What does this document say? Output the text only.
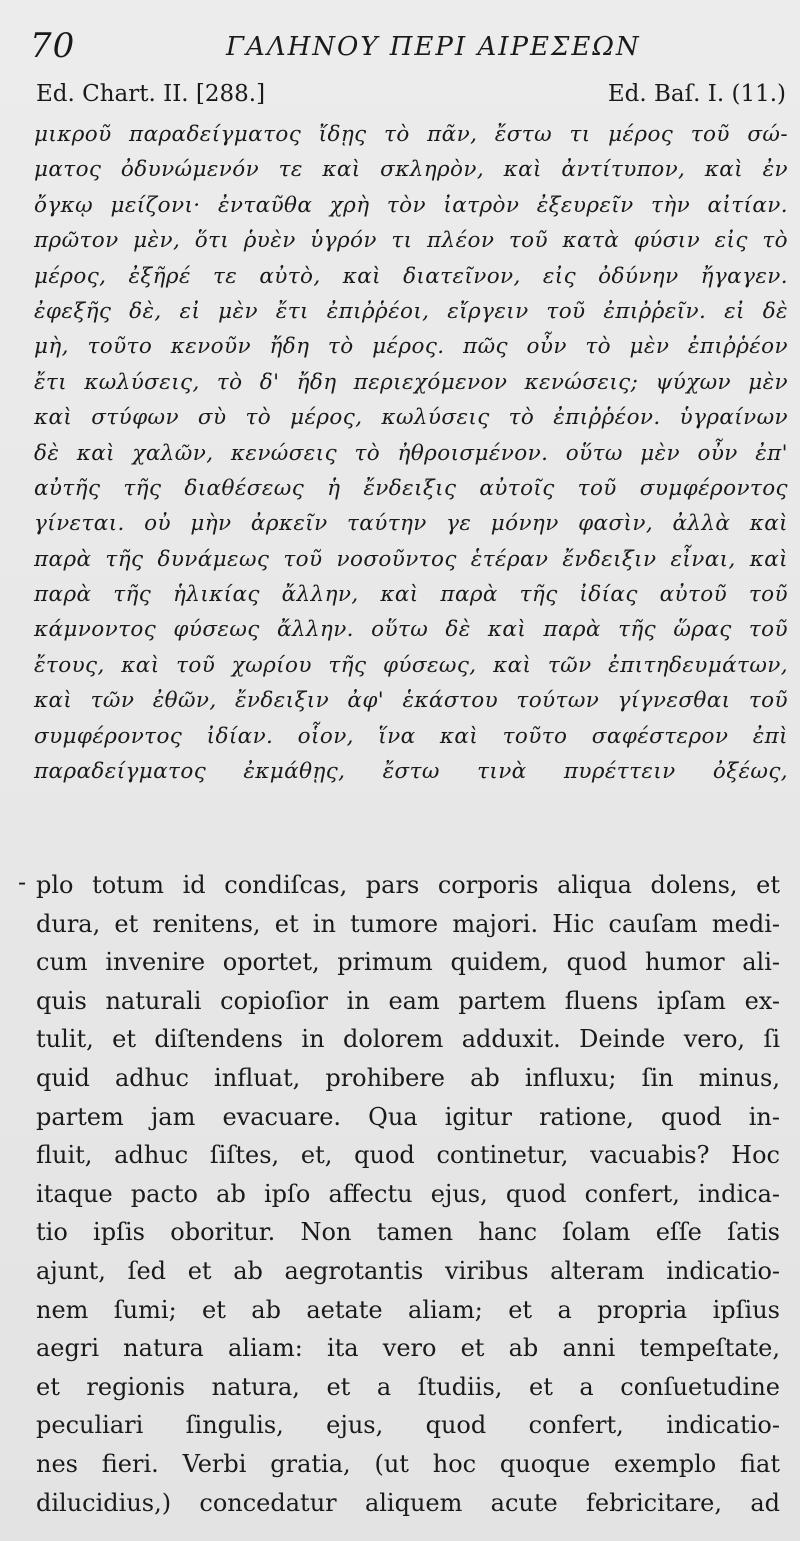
70	ΓΑΛΗΝΟΥ ΠΕΡΙ ΑΙΡΕΣΕΩΝ
Ed. Chart. II. [288.]	Ed. Baſ. I. (11.)
μικροῦ παραδείγματος ἴδῃς τὸ πᾶν, ἔστω τι μέρος τοῦ σώ-
ματος ὀδυνώμενόν τε καὶ σκληρὸν, καὶ ἀντίτυπον, καὶ ἐν
ὄγκῳ μείζονι· ἐνταῦθα χρὴ τὸν ἰατρὸν ἐξευρεῖν τὴν αἰτίαν.
πρῶτον μὲν, ὅτι ῥυὲν ὑγρόν τι πλέον τοῦ κατὰ φύσιν εἰς τὸ
μέρος, ἐξῆρέ τε αὐτὸ, καὶ διατεῖνον, εἰς ὀδύνην ἤγαγεν.
ἐφεξῆς δὲ, εἰ μὲν ἔτι ἐπιῤῥέοι, εἴργειν τοῦ ἐπιῤῥεῖν. εἰ δὲ
μὴ, τοῦτο κενοῦν ἤδη τὸ μέρος. πῶς οὖν τὸ μὲν ἐπιῤῥέον
ἔτι κωλύσεις, τὸ δ' ἤδη περιεχόμενον κενώσεις; ψύχων μὲν
καὶ στύφων σὺ τὸ μέρος, κωλύσεις τὸ ἐπιῤῥέον. ὑγραίνων
δὲ καὶ χαλῶν, κενώσεις τὸ ἠθροισμένον. οὕτω μὲν οὖν ἐπ'
αὐτῆς τῆς διαθέσεως ἡ ἔνδειξις αὐτοῖς τοῦ συμφέροντος
γίνεται. οὐ μὴν ἀρκεῖν ταύτην γε μόνην φασὶν, ἀλλὰ καὶ
παρὰ τῆς δυνάμεως τοῦ νοσοῦντος ἑτέραν ἔνδειξιν εἶναι, καὶ
παρὰ τῆς ἡλικίας ἄλλην, καὶ παρὰ τῆς ἰδίας αὐτοῦ τοῦ
κάμνοντος φύσεως ἄλλην. οὕτω δὲ καὶ παρὰ τῆς ὥρας τοῦ
ἔτους, καὶ τοῦ χωρίου τῆς φύσεως, καὶ τῶν ἐπιτηδευμάτων,
καὶ τῶν ἐθῶν, ἔνδειξιν ἀφ' ἑκάστου τούτων γίγνεσθαι τοῦ
συμφέροντος ἰδίαν. οἷον, ἵνα καὶ τοῦτο σαφέστερον ἐπὶ
παραδείγματος ἐκμάθῃς, ἔστω τινὰ πυρέττειν ὀξέως,
- plo totum id condiſcas, pars corporis aliqua dolens, et
dura, et renitens, et in tumore majori. Hic cauſam medi-
cum invenire oportet, primum quidem, quod humor ali-
quis naturali copioſior in eam partem fluens ipſam ex-
tulit, et diſtendens in dolorem adduxit. Deinde vero, ſi
quid adhuc influat, prohibere ab influxu; ſin minus,
partem jam evacuare. Qua igitur ratione, quod in-
fluit, adhuc ſiſtes, et, quod continetur, vacuabis? Hoc
itaque pacto ab ipſo affectu ejus, quod confert, indica-
tio ipſis oboritur. Non tamen hanc ſolam eſſe ſatis
ajunt, ſed et ab aegrotantis viribus alteram indicatio-
nem ſumi; et ab aetate aliam; et a propria ipſius
aegri natura aliam: ita vero et ab anni tempeſtate,
et regionis natura, et a ſtudiis, et a conſuetudine
peculiari ſingulis, ejus, quod confert, indicatio-
nes fieri. Verbi gratia, (ut hoc quoque exemplo fiat
dilucidius,) concedatur aliquem acute febricitare, ad
